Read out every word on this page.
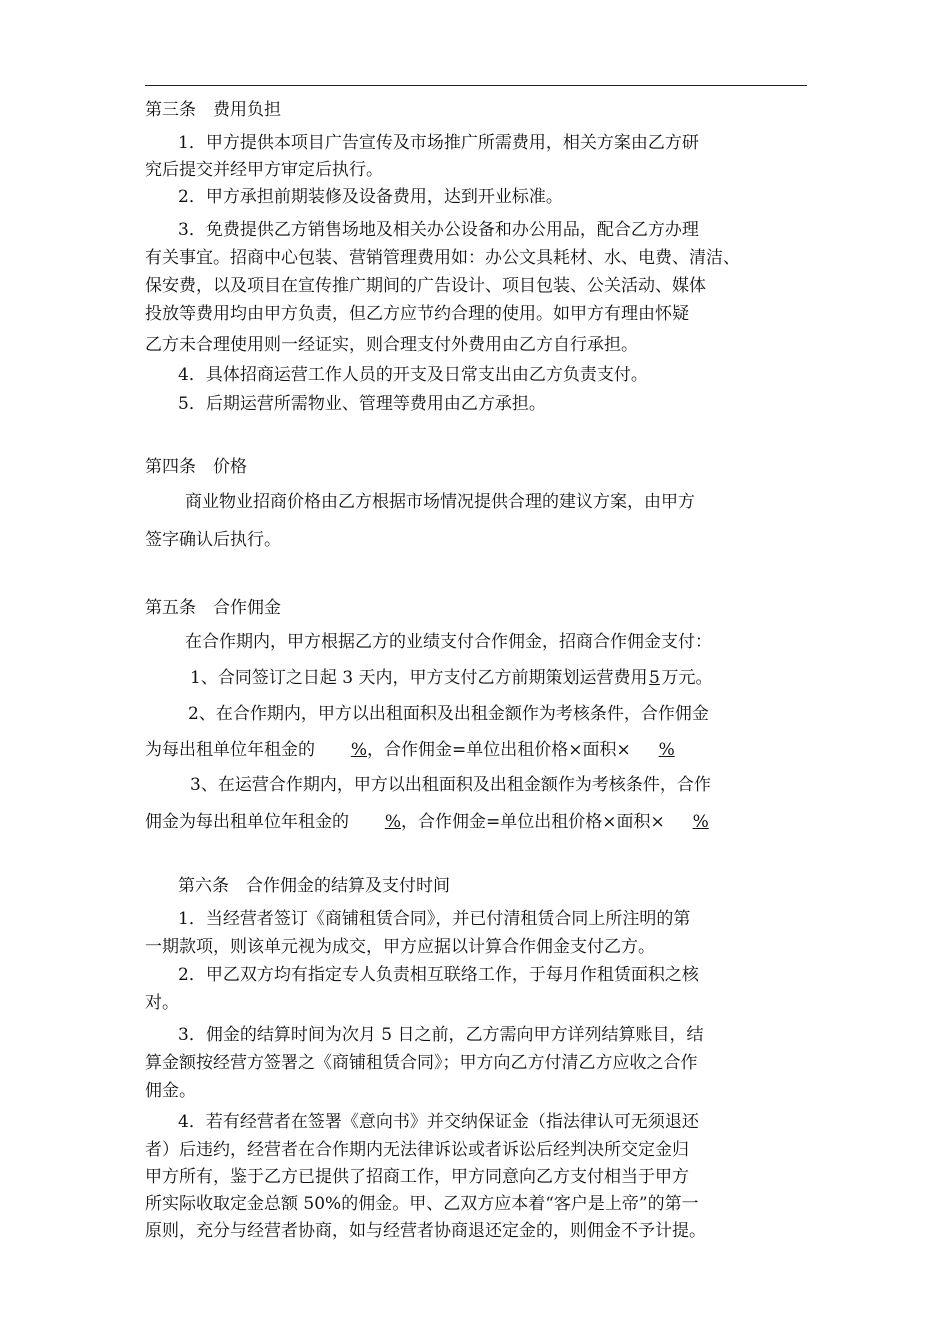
第三条　费用负担
1．甲方提供本项目广告宣传及市场推广所需费用，相关方案由乙方研
究后提交并经甲方审定后执行。
2．甲方承担前期装修及设备费用，达到开业标准。
3．免费提供乙方销售场地及相关办公设备和办公用品，配合乙方办理
有关事宜。招商中心包装、营销管理费用如：办公文具耗材、水、电费、清洁、
保安费，以及项目在宣传推广期间的广告设计、项目包装、公关活动、媒体
投放等费用均由甲方负责，但乙方应节约合理的使用。如甲方有理由怀疑
乙方未合理使用则一经证实，则合理支付外费用由乙方自行承担。
4．具体招商运营工作人员的开支及日常支出由乙方负责支付。
5．后期运营所需物业、管理等费用由乙方承担。
第四条　价格
商业物业招商价格由乙方根据市场情况提供合理的建议方案，由甲方
签字确认后执行。
第五条　合作佣金
在合作期内，甲方根据乙方的业绩支付合作佣金，招商合作佣金支付：
1、合同签订之日起 3 天内，甲方支付乙方前期策划运营费用5万元。
2、在合作期内，甲方以出租面积及出租金额作为考核条件，合作佣金
为每出租单位年租金的 %，合作佣金=单位出租价格×面积× %
3、在运营合作期内，甲方以出租面积及出租金额作为考核条件，合作
佣金为每出租单位年租金的 %，合作佣金=单位出租价格×面积× %
第六条　合作佣金的结算及支付时间
1．当经营者签订《商铺租赁合同》，并已付清租赁合同上所注明的第
一期款项，则该单元视为成交，甲方应据以计算合作佣金支付乙方。
2．甲乙双方均有指定专人负责相互联络工作，于每月作租赁面积之核
对。
3．佣金的结算时间为次月 5 日之前，乙方需向甲方详列结算账目，结
算金额按经营方签署之《商铺租赁合同》；甲方向乙方付清乙方应收之合作
佣金。
4．若有经营者在签署《意向书》并交纳保证金（指法律认可无须退还
者）后违约，经营者在合作期内无法律诉讼或者诉讼后经判决所交定金归
甲方所有，鉴于乙方已提供了招商工作，甲方同意向乙方支付相当于甲方
所实际收取定金总额 50%的佣金。甲、乙双方应本着“客户是上帝”的第一
原则，充分与经营者协商，如与经营者协商退还定金的，则佣金不予计提。
